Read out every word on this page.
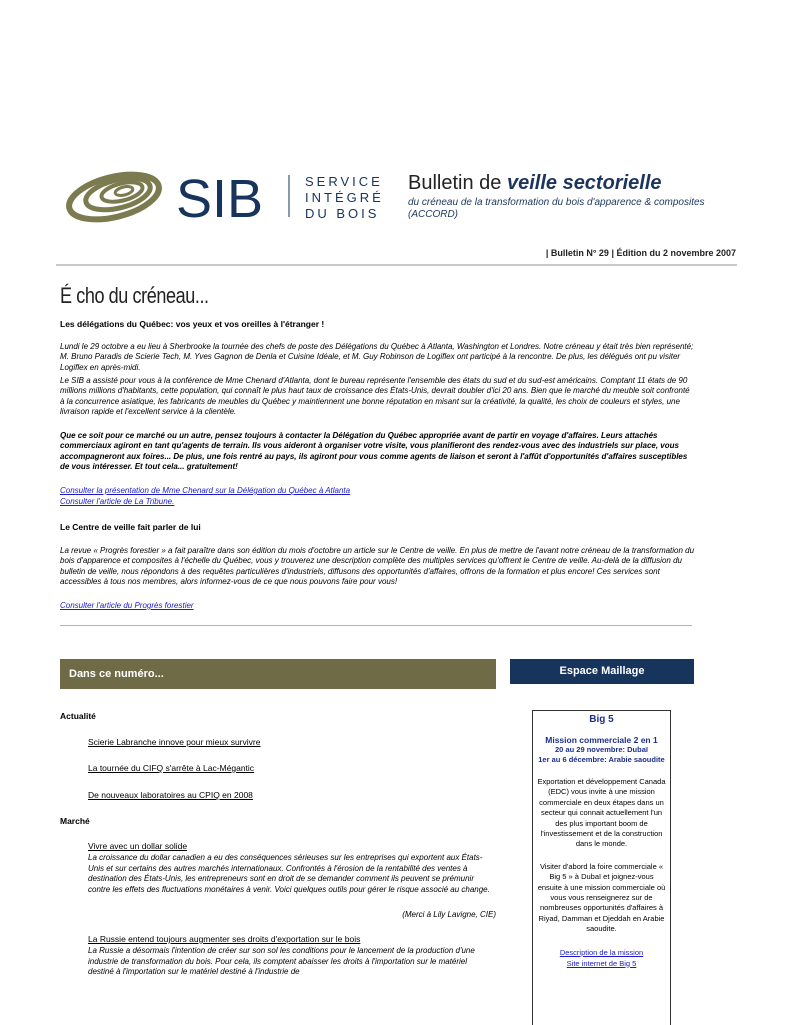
SIB	SERVICE
INTÉGRÉ
DU BOIS
Bulletin de veille sectorielle
du créneau de la transformation du bois d'apparence & composites (ACCORD)
| Bulletin N° 29 | Édition du 2 novembre 2007
É cho du créneau...
Les délégations du Québec: vos yeux et vos oreilles à l'étranger !
Lundi le 29 octobre a eu lieu à Sherbrooke la tournée des chefs de poste des Délégations du Québec à Atlanta, Washington et Londres. Notre créneau y était très bien représenté; M. Bruno Paradis de Scierie Tech, M. Yves Gagnon de Denla et Cuisine Idéale, et M. Guy Robinson de Logiflex ont participé à la rencontre. De plus, les délégués ont pu visiter Logiflex en après-midi.
Le SIB a assisté pour vous à la conférence de Mme Chenard d'Atlanta, dont le bureau représente l'ensemble des états du sud et du sud-est américains. Comptant 11 états de 90 millions millions d'habitants, cette population, qui connaît le plus haut taux de croissance des États-Unis, devrait doubler d'ici 20 ans. Bien que le marché du meuble soit confronté à la concurrence asiatique, les fabricants de meubles du Québec y maintiennent une bonne réputation en misant sur la créativité, la qualité, les choix de couleurs et styles, une livraison rapide et l'excellent service à la clientèle.
Que ce soit pour ce marché ou un autre, pensez toujours à contacter la Délégation du Québec appropriée avant de partir en voyage d'affaires. Leurs attachés commerciaux agiront en tant qu'agents de terrain. Ils vous aideront à organiser votre visite, vous planifieront des rendez-vous avec des industriels sur place, vous accompagneront aux foires... De plus, une fois rentré au pays, ils agiront pour vous comme agents de liaison et seront à l'affût d'opportunités d'affaires susceptibles de vous intéresser. Et tout cela... gratuitement!
Consulter la présentation de Mme Chenard sur la Délégation du Québec à Atlanta
Consulter l'article de La Tribune.
Le Centre de veille fait parler de lui
La revue « Progrès forestier » a fait paraître dans son édition du mois d'octobre un article sur le Centre de veille. En plus de mettre de l'avant notre créneau de la transformation du bois d'apparence et composites à l'échelle du Québec, vous y trouverez une description complète des multiples services qu'offrent le Centre de veille. Au-delà de la diffusion du bulletin de veille, nous répondons à des requêtes particulières d'industriels, diffusons des opportunités d'affaires, offrons de la formation et plus encore! Ces services sont accessibles à tous nos membres, alors informez-vous de ce que nous pouvons faire pour vous!
Consulter l'article du Progrès forestier
Dans ce numéro...
Actualité
Scierie Labranche innove pour mieux survivre
La tournée du CIFQ s'arrête à Lac-Mégantic
De nouveaux laboratoires au CPIQ en 2008
Marché
Vivre avec un dollar solide
La croissance du dollar canadien a eu des conséquences sérieuses sur les entreprises qui exportent aux États-Unis et sur certains des autres marchés internationaux. Confrontés à l'érosion de la rentabilité des ventes à destination des États-Unis, les entrepreneurs sont en droit de se demander comment ils peuvent se prémunir contre les effets des fluctuations monétaires à venir. Voici quelques outils pour gérer le risque associé au change.
(Merci à Lily Lavigne, CIE)
La Russie entend toujours augmenter ses droits d'exportation sur le bois
La Russie a désormais l'intention de créer sur son sol les conditions pour le lancement de la production d'une industrie de transformation du bois. Pour cela, ils comptent abaisser les droits à l'importation sur le matériel destiné à l'importation sur le matériel destiné à l'industrie de
Espace Maillage
Big 5
Mission commerciale 2 en 1
20 au 29 novembre: Dubaï
1er au 6 décembre: Arabie saoudite
Exportation et développement Canada (EDC) vous invite à une mission commerciale en deux étapes dans un secteur qui connait actuellement l'un des plus important boom de l'investissement et de la construction dans le monde.
Visiter d'abord la foire commerciale « Big 5 » à Dubaï et joignez-vous ensuite à une mission commerciale où vous vous renseignerez sur de nombreuses opportunités d'affaires à Riyad, Damman et Djeddah en Arabie saoudite.
Description de la mission
Site internet de Big 5
